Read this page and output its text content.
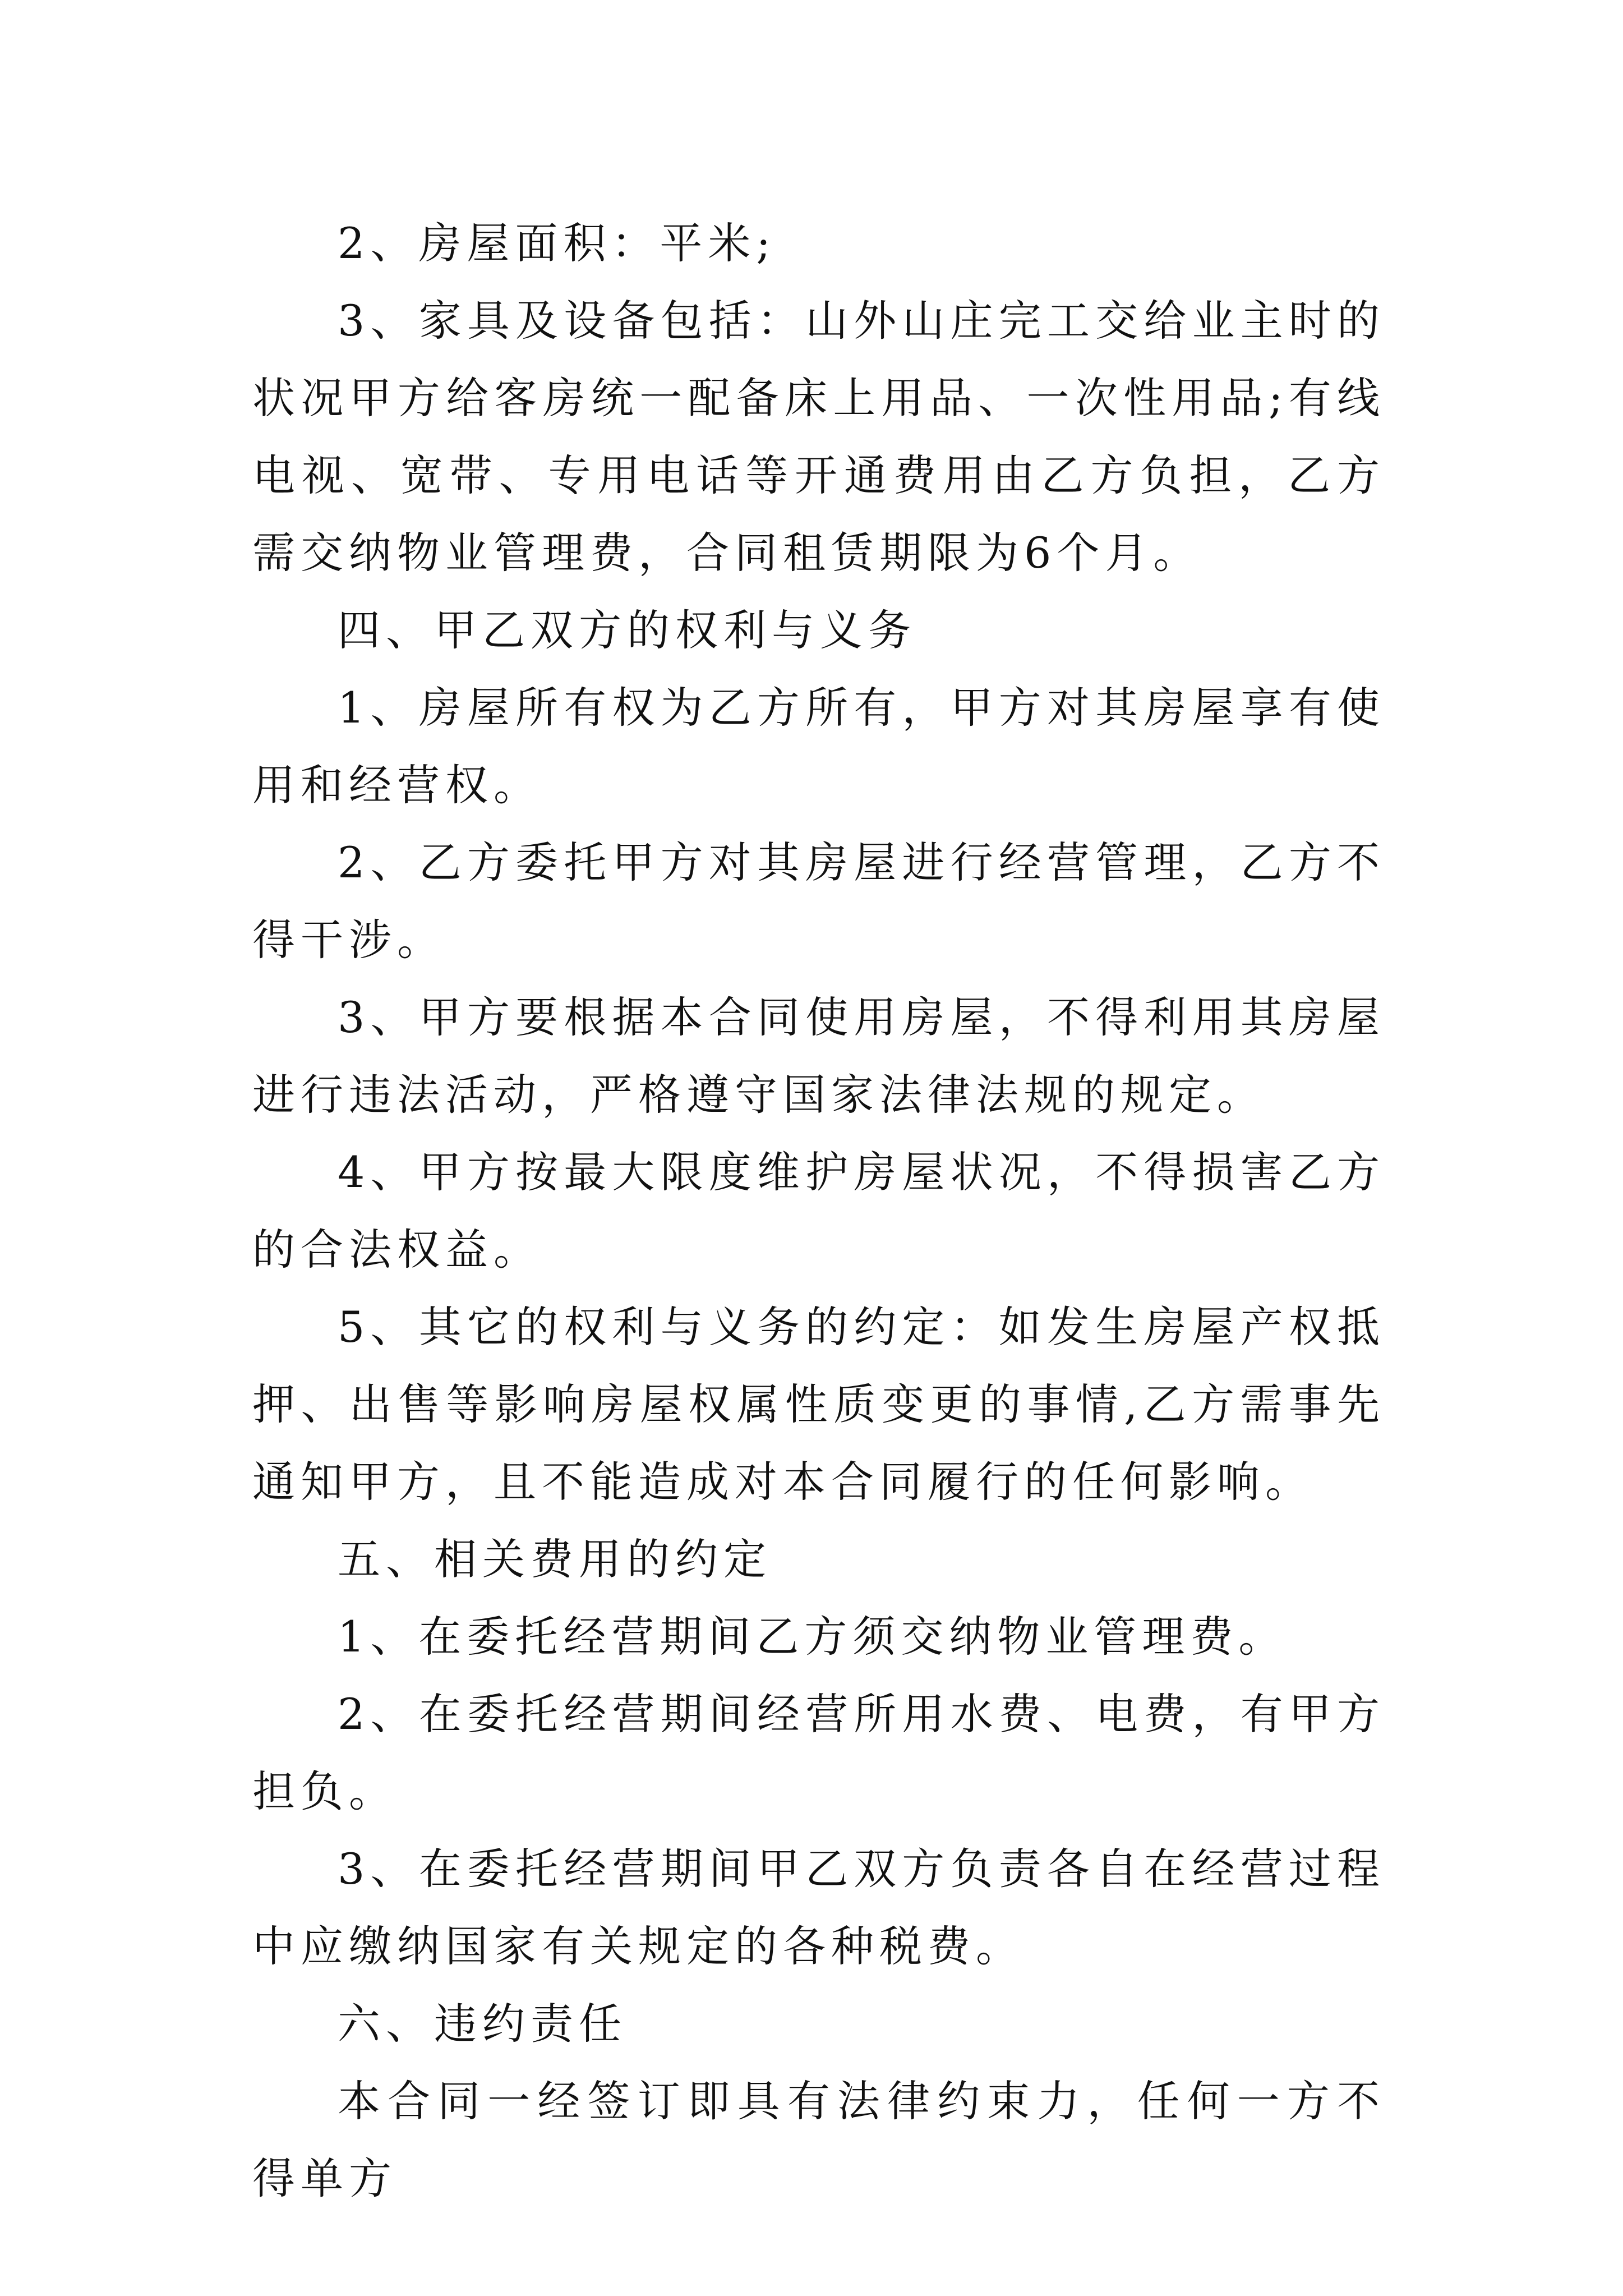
2、房屋面积：平米;

3、家具及设备包括：山外山庄完工交给业主时的状况甲方给客房统一配备床上用品、一次性用品;有线电视、宽带、专用电话等开通费用由乙方负担，乙方需交纳物业管理费，合同租赁期限为6个月。

四、甲乙双方的权利与义务

1、房屋所有权为乙方所有，甲方对其房屋享有使用和经营权。

2、乙方委托甲方对其房屋进行经营管理，乙方不得干涉。

3、甲方要根据本合同使用房屋，不得利用其房屋进行违法活动，严格遵守国家法律法规的规定。

4、甲方按最大限度维护房屋状况，不得损害乙方的合法权益。

5、其它的权利与义务的约定：如发生房屋产权抵押、出售等影响房屋权属性质变更的事情,乙方需事先通知甲方，且不能造成对本合同履行的任何影响。

五、相关费用的约定

1、在委托经营期间乙方须交纳物业管理费。

2、在委托经营期间经营所用水费、电费，有甲方担负。

3、在委托经营期间甲乙双方负责各自在经营过程中应缴纳国家有关规定的各种税费。

六、违约责任

本合同一经签订即具有法律约束力，任何一方不得单方
